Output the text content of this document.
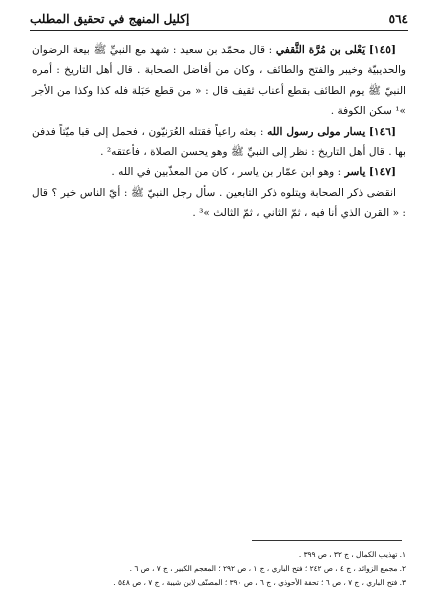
٥٦٤
إكليل المنهج في تحقيق المطلب

[١٤٥] يَعْلى بن مُرَّة الثَّقفي : قال محمّد بن سعيد : شهد مع النبيِّ ﷺ بيعة الرضوان والحديبيّة وخيبر والفتح والطائف ، وكان من أفاضل الصحابة . قال أهل التاريخ : أمره النبيّ ﷺ يوم الطائف بقطع أعناب ثقيف قال : « من قطع حَبَلة فله كذا وكذا من الأجر »¹ سكن الكوفة .

[١٤٦] يسار مولى رسول الله : بعثه راعياً فقتله العُرَنيّون ، فحمل إلى قبا ميّتاً فدفن بها . قال أهل التاريخ : نظر إلى النبيِّ ﷺ وهو يحسن الصلاة ، فأعتقه² .

[١٤٧] ياسر : وهو ابن عمّار بن ياسر ، كان من المعذّبين في الله .

انقضى ذكر الصحابة ويتلوه ذكر التابعين . سأل رجل النبيّ ﷺ : أيّ الناس خير ؟ قال : « القرن الذي أنا فيه ، ثمّ الثاني ، ثمّ الثالث »³ .

١. تهذيب الكمال ، ج ٣٢ ، ص ٣٩٩ .

٢. مجمع الزوائد ، ج ٤ ، ص ٢٤٢ ؛ فتح الباري ، ج ١ ، ص ٢٩٢ ؛ المعجم الكبير ، ج ٧ ، ص ٦ .

٣. فتح الباري ، ج ٧ ، ص ٦ ؛ تحفة الأحوذي ، ج ٦ ، ص ٣٩٠ ؛ المصنّف لابن شيبة ، ج ٧ ، ص ٥٤٨ .
